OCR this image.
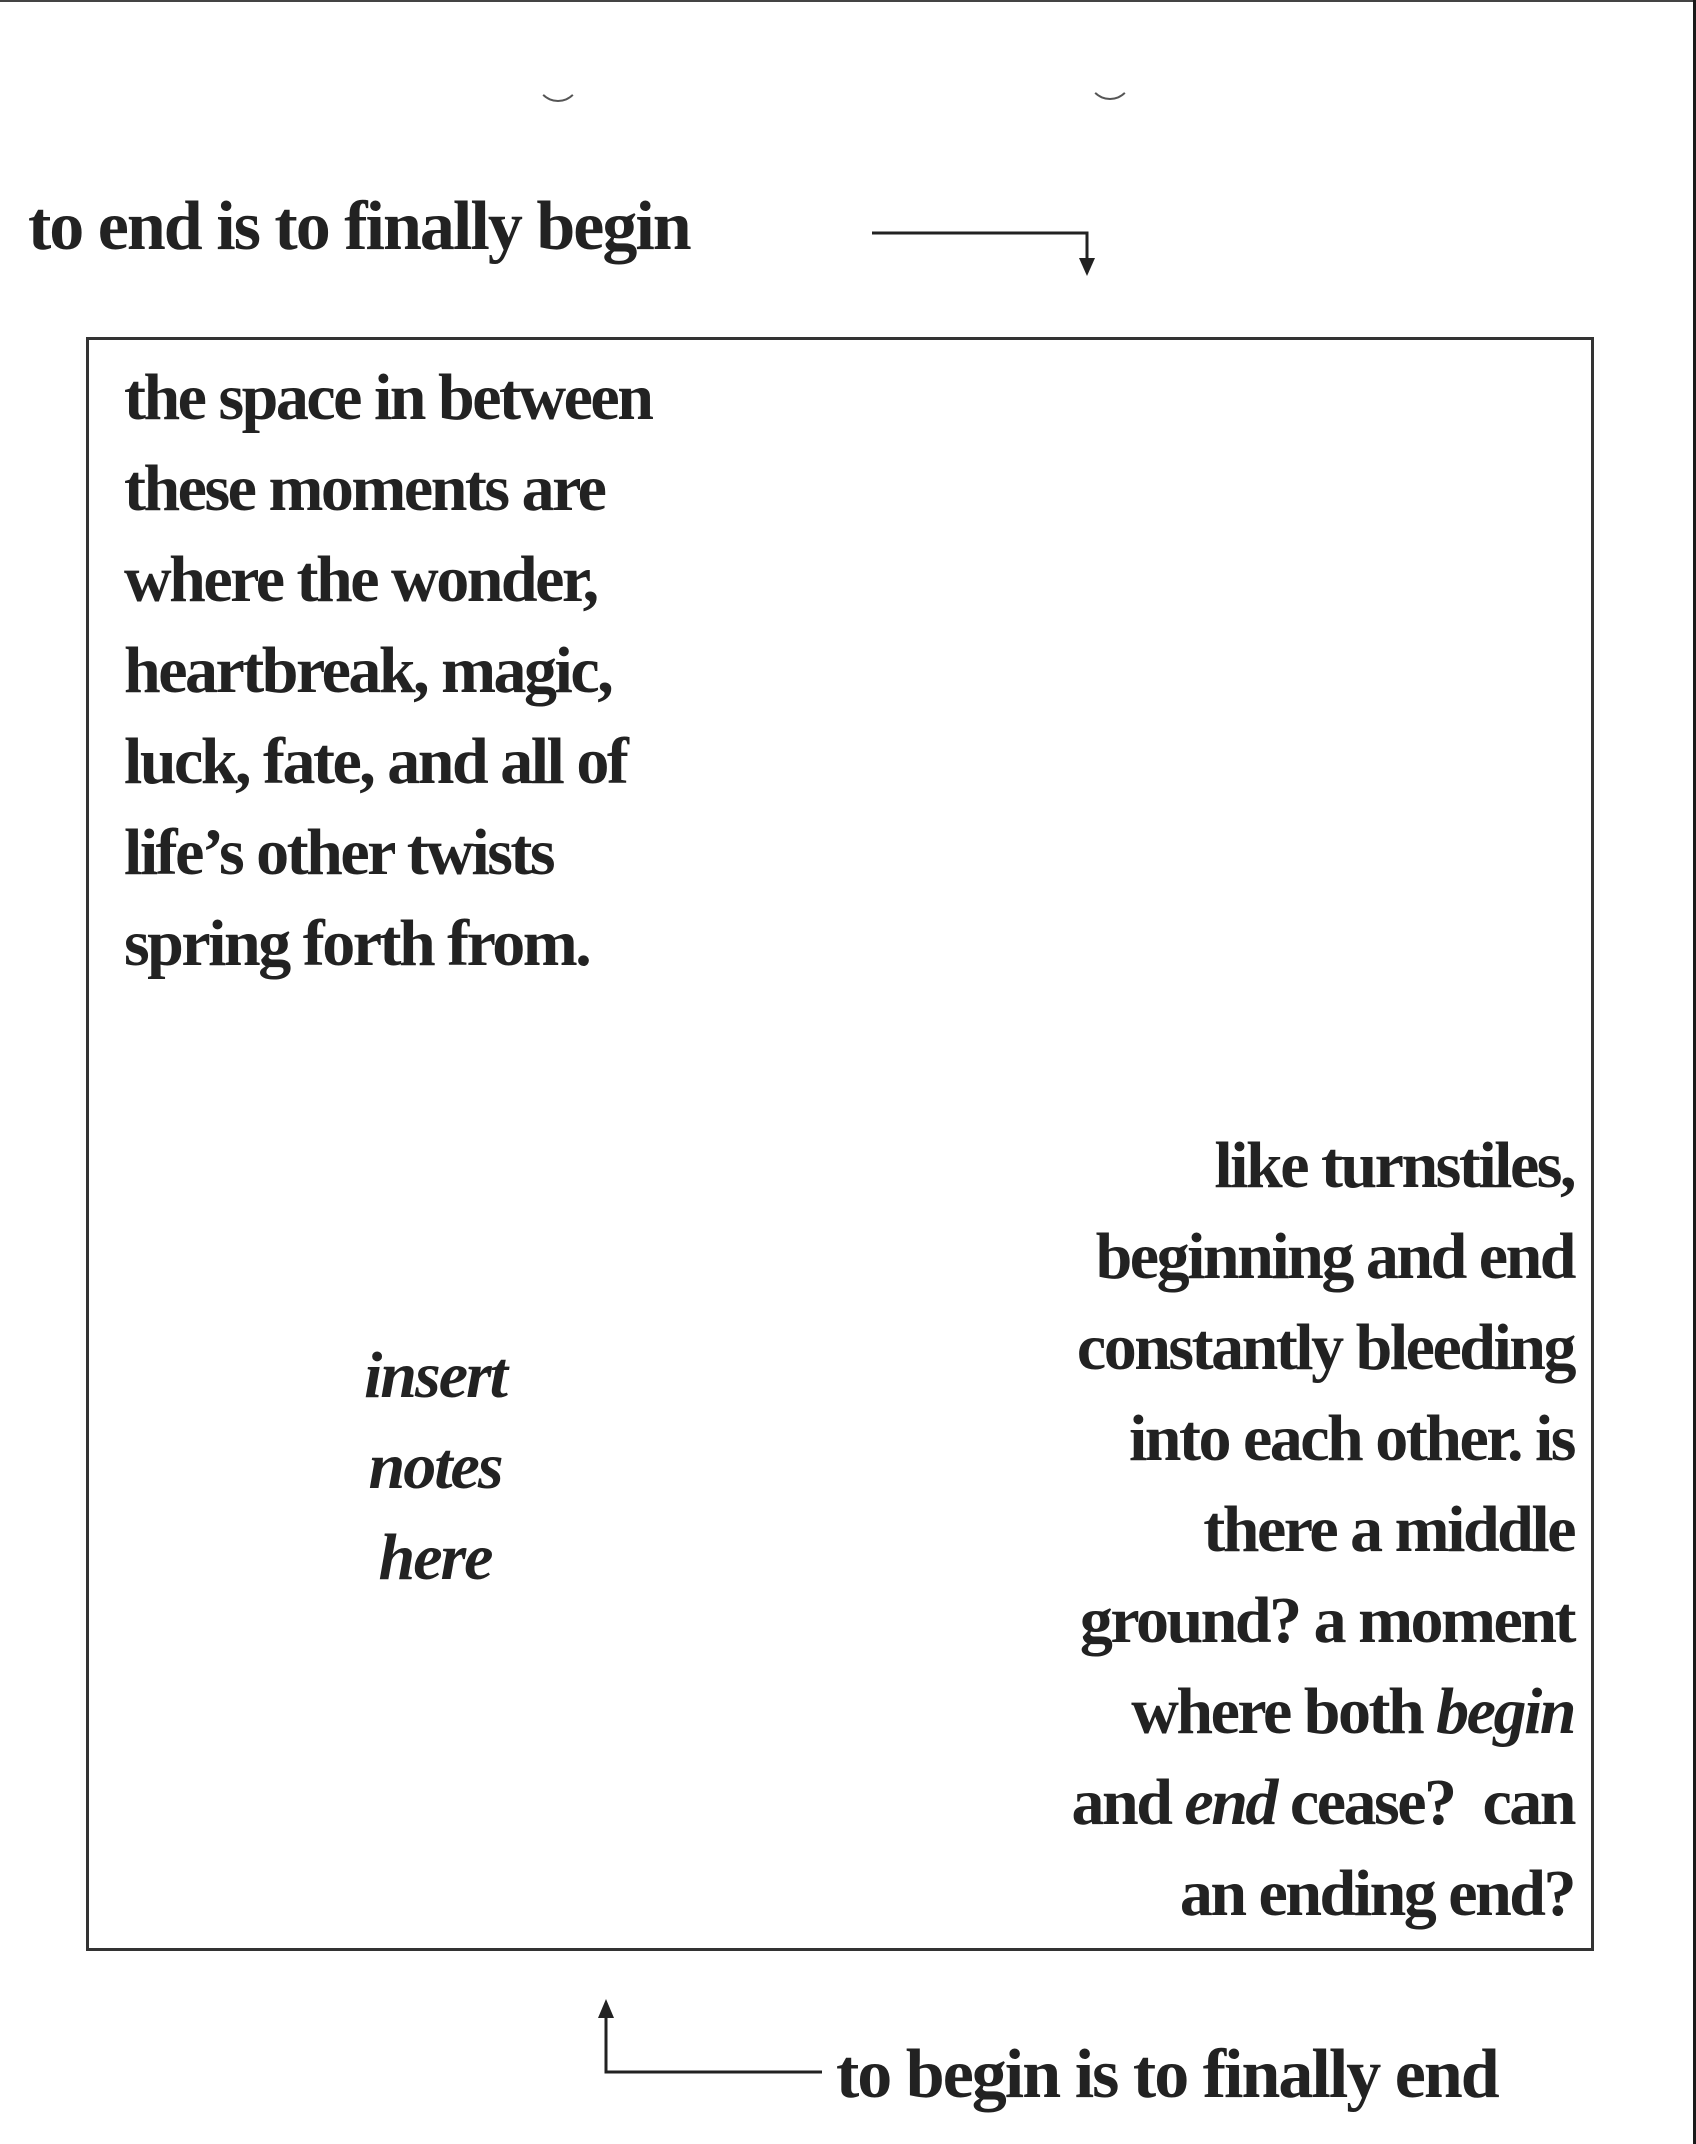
to end is to finally begin

the space in between

these moments are

where the wonder,

heartbreak, magic,

luck, fate, and all of

life’s other twists

spring forth from.

insert

notes

here

like turnstiles,

beginning and end

constantly bleeding

into each other. is

there a middle

ground? a moment

where both begin

and end cease?  can

an ending end?

to begin is to finally end
